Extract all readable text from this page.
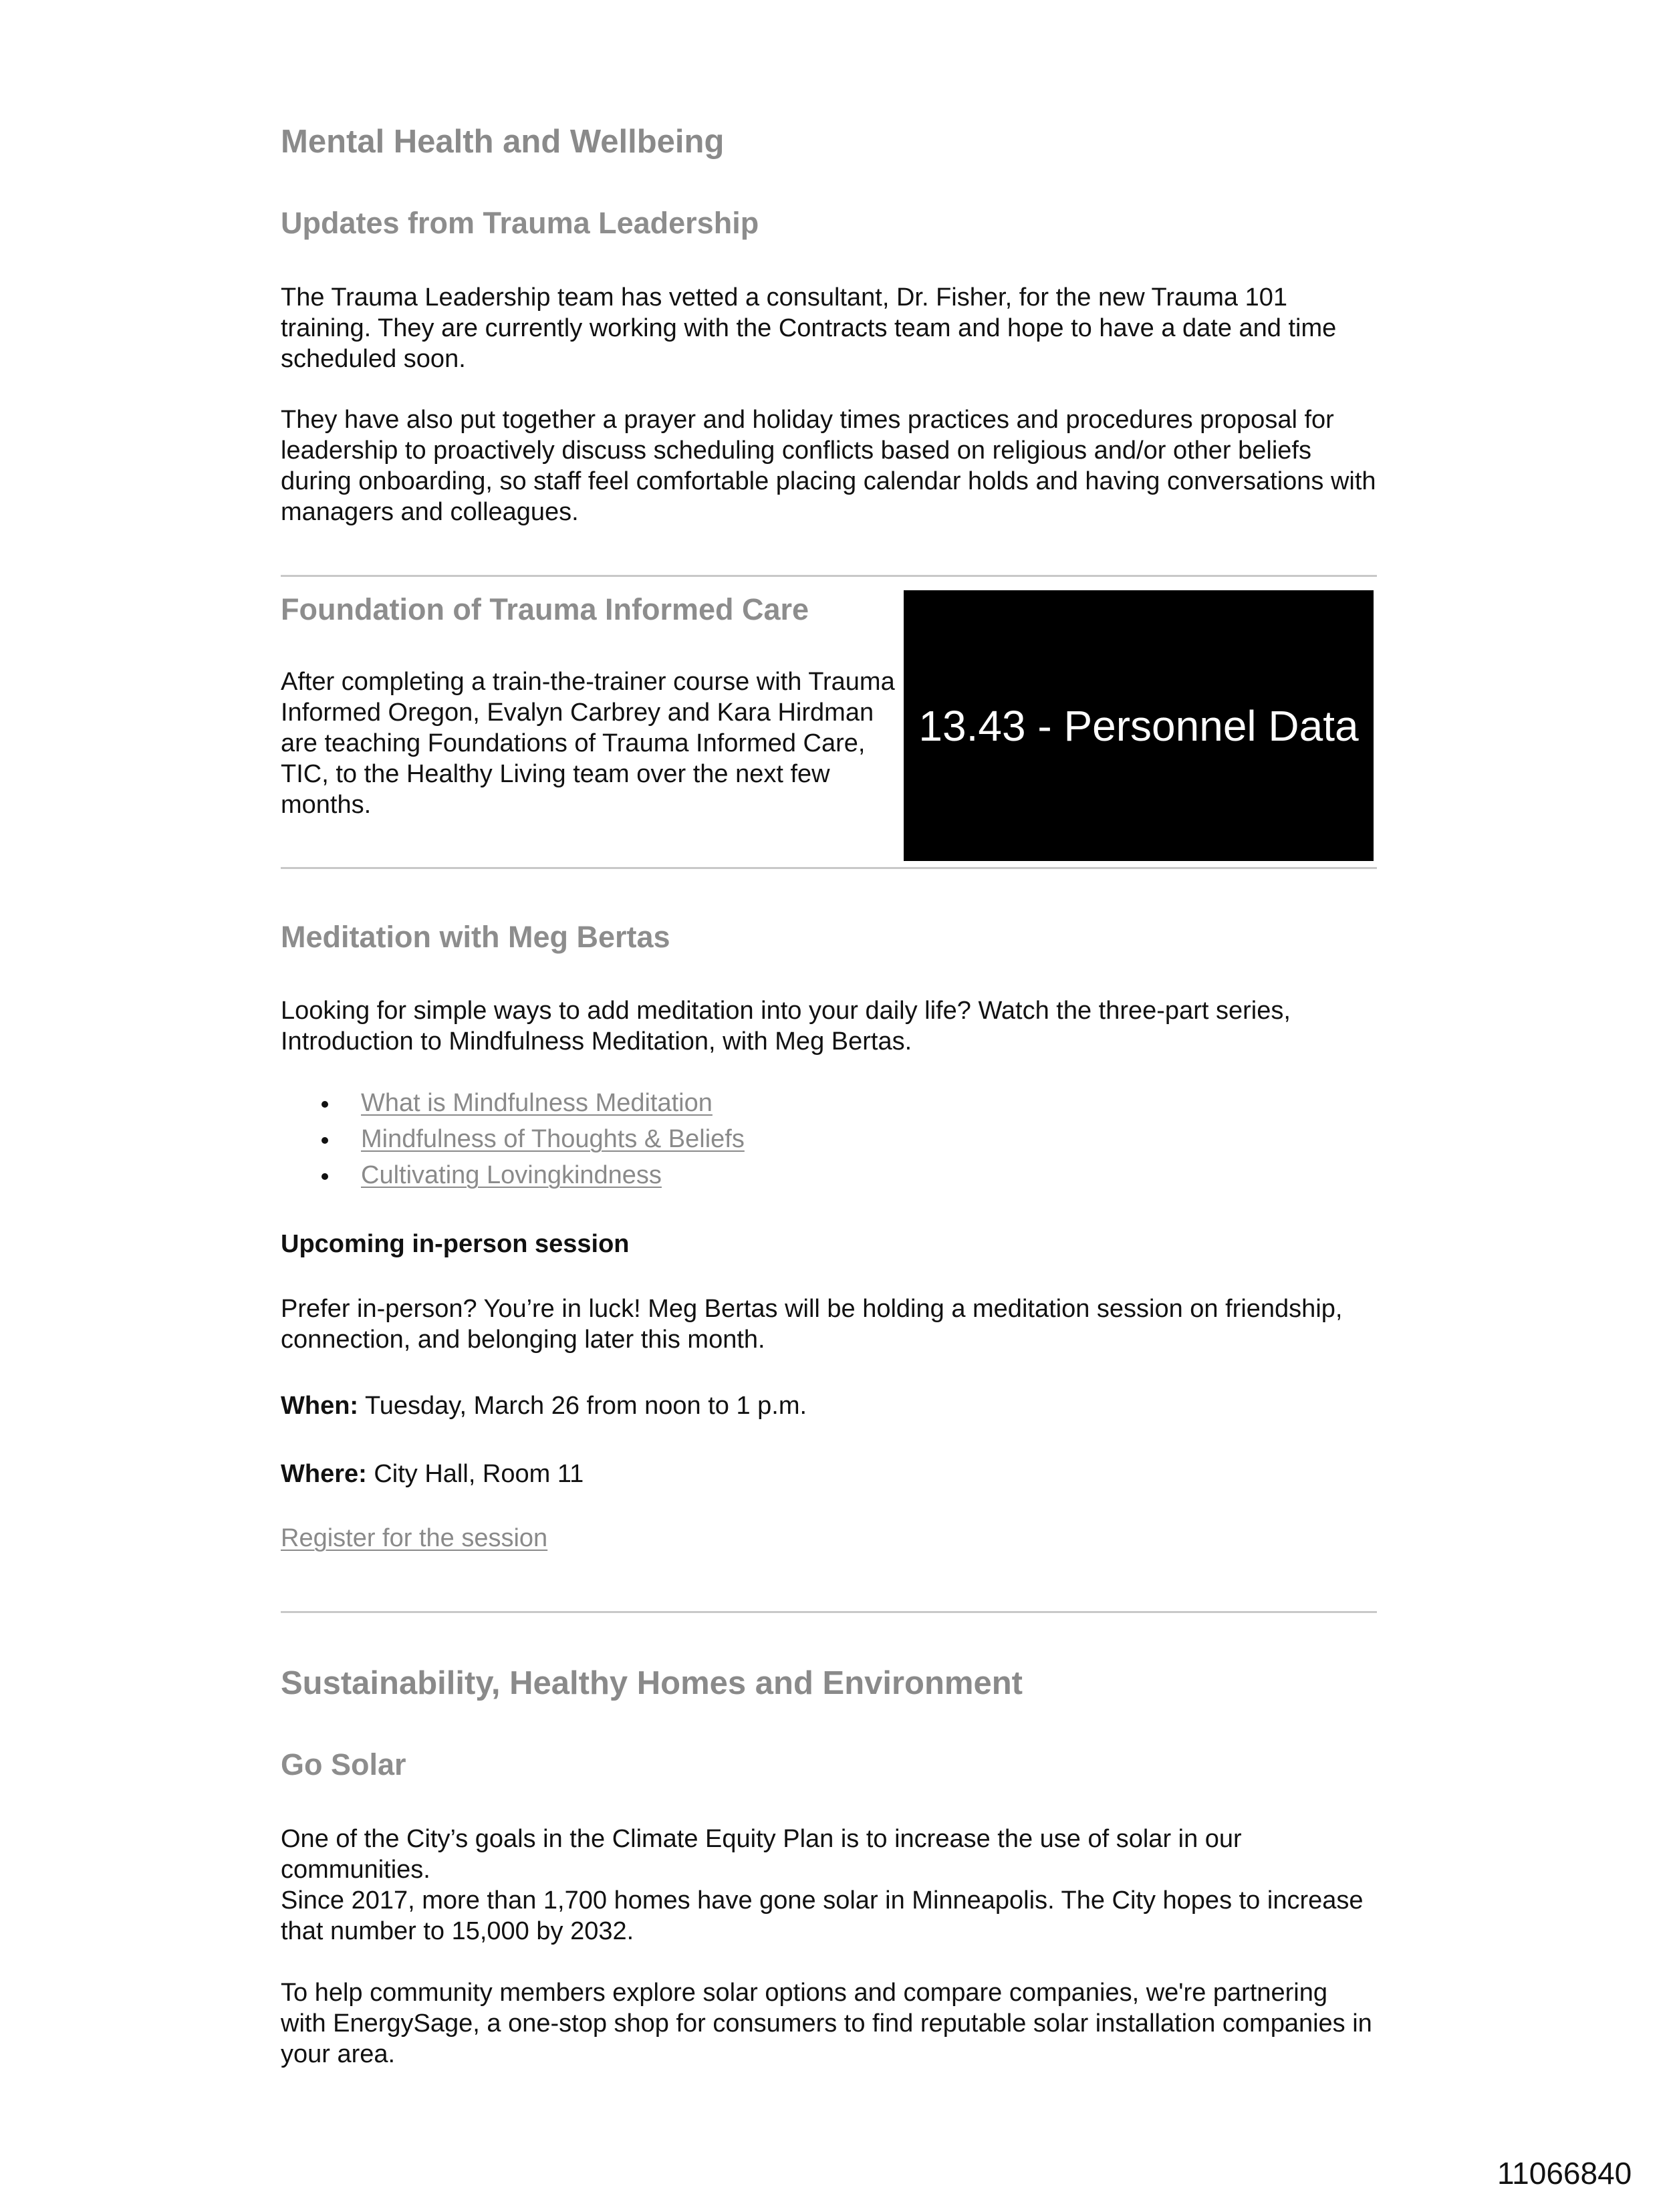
Mental Health and Wellbeing
Updates from Trauma Leadership

The Trauma Leadership team has vetted a consultant, Dr. Fisher, for the new Trauma 101 training. They are currently working with the Contracts team and hope to have a date and time scheduled soon.

They have also put together a prayer and holiday times practices and procedures proposal for leadership to proactively discuss scheduling conflicts based on religious and/or other beliefs during onboarding, so staff feel comfortable placing calendar holds and having conversations with managers and colleagues.

Foundation of Trauma Informed Care

After completing a train-the-trainer course with Trauma Informed Oregon, Evalyn Carbrey and Kara Hirdman are teaching Foundations of Trauma Informed Care, TIC, to the Healthy Living team over the next few months.

13.43 - Personnel Data
Meditation with Meg Bertas

Looking for simple ways to add meditation into your daily life? Watch the three-part series, Introduction to Mindfulness Meditation, with Meg Bertas.

What is Mindfulness Meditation
Mindfulness of Thoughts & Beliefs
Cultivating Lovingkindness

Upcoming in-person session

Prefer in-person? You’re in luck! Meg Bertas will be holding a meditation session on friendship, connection, and belonging later this month.

When: Tuesday, March 26 from noon to 1 p.m.

Where: City Hall, Room 11

Register for the session

Sustainability, Healthy Homes and Environment
Go Solar

One of the City’s goals in the Climate Equity Plan is to increase the use of solar in our communities.

Since 2017, more than 1,700 homes have gone solar in Minneapolis. The City hopes to increase that number to 15,000 by 2032.

To help community members explore solar options and compare companies, we're partnering with EnergySage, a one-stop shop for consumers to find reputable solar installation companies in your area.

11066840
